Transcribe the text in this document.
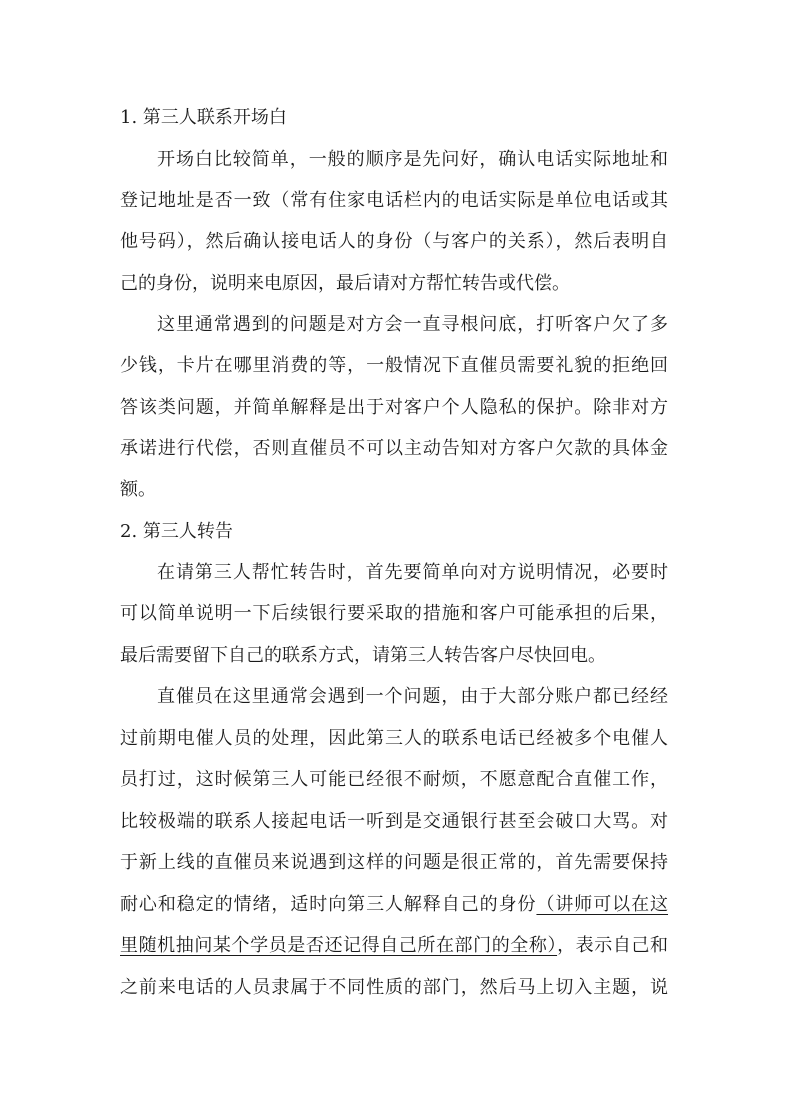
1. 第三人联系开场白
开场白比较简单，一般的顺序是先问好，确认电话实际地址和
登记地址是否一致（常有住家电话栏内的电话实际是单位电话或其
他号码），然后确认接电话人的身份（与客户的关系），然后表明自
己的身份，说明来电原因，最后请对方帮忙转告或代偿。
这里通常遇到的问题是对方会一直寻根问底，打听客户欠了多
少钱，卡片在哪里消费的等，一般情况下直催员需要礼貌的拒绝回
答该类问题，并简单解释是出于对客户个人隐私的保护。除非对方
承诺进行代偿，否则直催员不可以主动告知对方客户欠款的具体金
额。
2. 第三人转告
在请第三人帮忙转告时，首先要简单向对方说明情况，必要时
可以简单说明一下后续银行要采取的措施和客户可能承担的后果，
最后需要留下自己的联系方式，请第三人转告客户尽快回电。
直催员在这里通常会遇到一个问题，由于大部分账户都已经经
过前期电催人员的处理，因此第三人的联系电话已经被多个电催人
员打过，这时候第三人可能已经很不耐烦，不愿意配合直催工作，
比较极端的联系人接起电话一听到是交通银行甚至会破口大骂。对
于新上线的直催员来说遇到这样的问题是很正常的，首先需要保持
耐心和稳定的情绪，适时向第三人解释自己的身份（讲师可以在这
里随机抽问某个学员是否还记得自己所在部门的全称），表示自己和
之前来电话的人员隶属于不同性质的部门，然后马上切入主题，说
